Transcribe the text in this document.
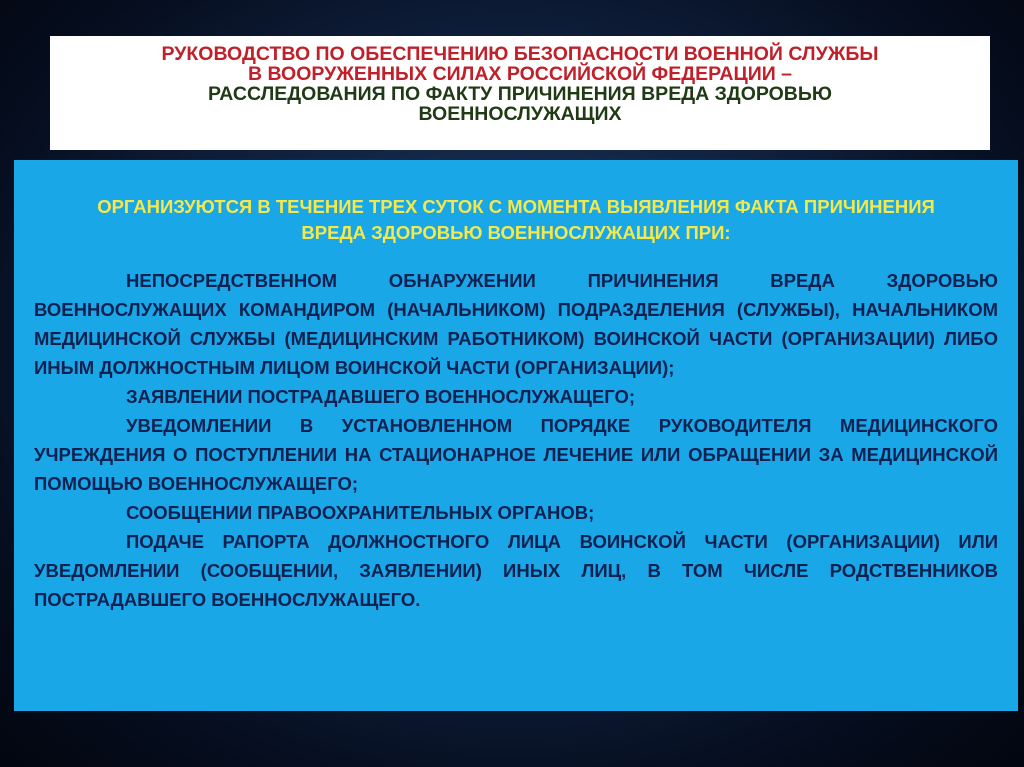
РУКОВОДСТВО ПО ОБЕСПЕЧЕНИЮ БЕЗОПАСНОСТИ ВОЕННОЙ СЛУЖБЫ
В ВООРУЖЕННЫХ СИЛАХ РОССИЙСКОЙ ФЕДЕРАЦИИ –
РАССЛЕДОВАНИЯ ПО ФАКТУ ПРИЧИНЕНИЯ ВРЕДА ЗДОРОВЬЮ
ВОЕННОСЛУЖАЩИХ
ОРГАНИЗУЮТСЯ В ТЕЧЕНИЕ ТРЕХ СУТОК С МОМЕНТА ВЫЯВЛЕНИЯ ФАКТА ПРИЧИНЕНИЯ
ВРЕДА ЗДОРОВЬЮ ВОЕННОСЛУЖАЩИХ ПРИ:

НЕПОСРЕДСТВЕННОМ ОБНАРУЖЕНИИ ПРИЧИНЕНИЯ ВРЕДА ЗДОРОВЬЮ ВОЕННОСЛУЖАЩИХ КОМАНДИРОМ (НАЧАЛЬНИКОМ) ПОДРАЗДЕЛЕНИЯ (СЛУЖБЫ), НАЧАЛЬНИКОМ МЕДИЦИНСКОЙ СЛУЖБЫ (МЕДИЦИНСКИМ РАБОТНИКОМ) ВОИНСКОЙ ЧАСТИ (ОРГАНИЗАЦИИ) ЛИБО ИНЫМ ДОЛЖНОСТНЫМ ЛИЦОМ ВОИНСКОЙ ЧАСТИ (ОРГАНИЗАЦИИ);

ЗАЯВЛЕНИИ ПОСТРАДАВШЕГО ВОЕННОСЛУЖАЩЕГО;

УВЕДОМЛЕНИИ В УСТАНОВЛЕННОМ ПОРЯДКЕ РУКОВОДИТЕЛЯ МЕДИЦИНСКОГО УЧРЕЖДЕНИЯ О ПОСТУПЛЕНИИ НА СТАЦИОНАРНОЕ ЛЕЧЕНИЕ ИЛИ ОБРАЩЕНИИ ЗА МЕДИЦИНСКОЙ ПОМОЩЬЮ ВОЕННОСЛУЖАЩЕГО;

СООБЩЕНИИ ПРАВООХРАНИТЕЛЬНЫХ ОРГАНОВ;

ПОДАЧЕ РАПОРТА ДОЛЖНОСТНОГО ЛИЦА ВОИНСКОЙ ЧАСТИ (ОРГАНИЗАЦИИ) ИЛИ УВЕДОМЛЕНИИ (СООБЩЕНИИ, ЗАЯВЛЕНИИ) ИНЫХ ЛИЦ, В ТОМ ЧИСЛЕ РОДСТВЕННИКОВ ПОСТРАДАВШЕГО ВОЕННОСЛУЖАЩЕГО.
